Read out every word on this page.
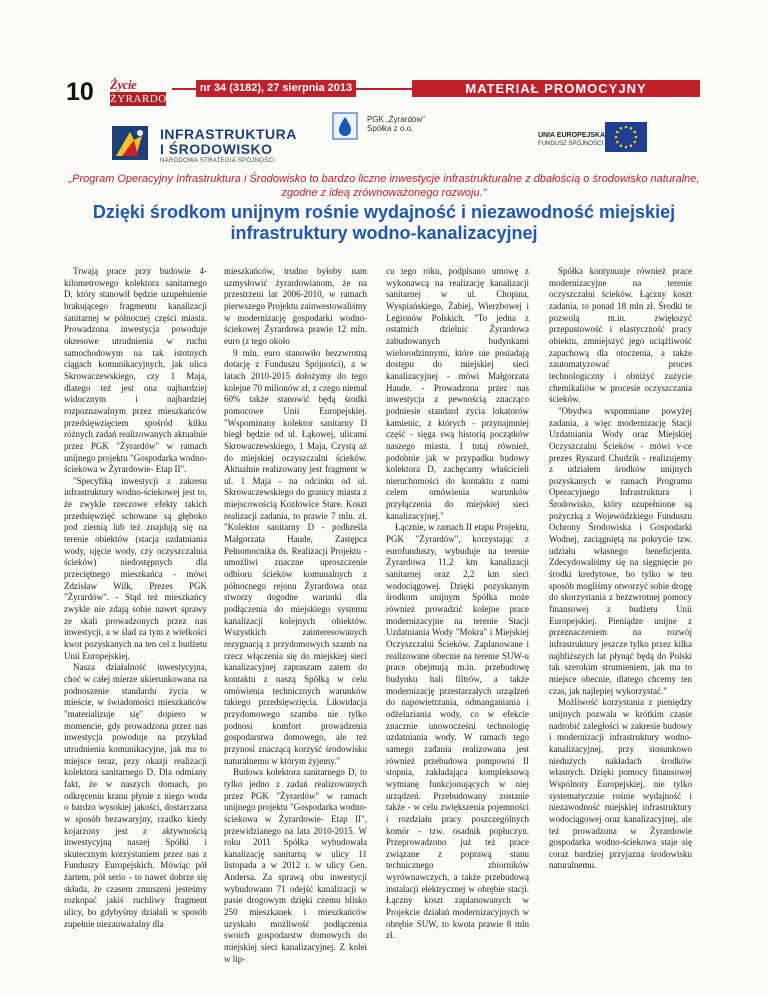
10 Życie
ŻYRARDOWA
nr 34 (3182), 27 sierpnia 2013	MATERIAŁ PROMOCYJNY
INFRASTRUKTURA
I ŚRODOWISKO
NARODOWA STRATEGIA SPÓJNOŚCI
PGK „Żyrardów"
Spółka z o.o.
UNIA EUROPEJSKA
FUNDUSZ SPÓJNOŚCI
„Program Operacyjny Infrastruktura i Środowisko to bardzo liczne inwestycje infrastrukturalne z dbałością o środowisko naturalne, zgodne z ideą zrównoważonego rozwoju."
Dzięki środkom unijnym rośnie wydajność i niezawodność miejskiej infrastruktury wodno-kanalizacyjnej

Trwają prace przy budowie 4-kilometrowego kolektora sanitarnego D, który stanowił będzie uzupełnienie brakującego fragmentu kanalizacji sanitarnej w północnej części miasta. Prowadzona inwestycja powoduje okresowe utrudnienia w ruchu samochodowym na tak istotnych ciągach komunikacyjnych, jak ulica Skrowaczewskiego, czy 1 Maja, dlatego też jest ona najbardziej widocznym i najbardziej rozpoznawalnym przez mieszkańców przedsięwzięciem spośród kilku różnych zadań realizowanych aktualnie przez PGK "Żyrardów" w ramach unijnego projektu "Gospodarka wodno-ściekowa w Żyrardowie- Etap II".

"Specyfiką inwestycji z zakresu infrastruktury wodno-ściekowej jest to, że zwykle rzeczowe efekty takich przedsięwzięć schowane są głęboko pod ziemią lub też znajdują się na terenie obiektów (stacja uzdatniania wody, ujęcie wody, czy oczyszczalnia ścieków) niedostępnych dla przeciętnego mieszkańca - mówi Zdzisław Wilk, Prezes PGK "Żyrardów". - Stąd też mieszkańcy zwykle nie zdają sobie nawet sprawy ze skali prowadzonych przez nas inwestycji, a w ślad za tym z wielkości kwot pozyskanych na ten cel z budżetu Unii Europejskiej.

Nasza działalność inwestycyjna, choć w całej mierze ukierunkowana na podnoszenie standardu życia w mieście, w świadomości mieszkańców "materializuje się" dopiero w momencie, gdy prowadzona przez nas inwestycja powoduje na przykład utrudnienia komunikacyjne, jak ma to miejsce teraz, przy okazji realizacji kolektora sanitarnego D. Dla odmiany fakt, że w naszych domach, po odkręceniu kranu płynie z niego woda o bardzo wysokiej jakości, dostarczana w sposób bezawaryjny, rzadko kiedy kojarzony jest z aktywnością inwestycyjną naszej Spółki i skutecznym korzystaniem przez nas z Funduszy Europejskich. Mówiąc pół żartem, pół serio - to nawet dobrze się składa, że czasem zmuszeni jesteśmy rozkopać jakiś ruchliwy fragment ulicy, bo gdybyśmy działali w sposób zupełnie niezauważalny dla

mieszkańców, trudno byłoby nam uzmysłowić żyrardowianom, że na przestrzeni lat 2006-2010, w ramach pierwszego Projektu zainwestowaliśmy w modernizację gospodarki wodno-ściekowej Żyrardowa prawie 12 mln. euro (z tego około

9 mln. euro stanowiło bezzwrotną dotację z Funduszu Spójności), a w latach 2010-2015 dołożymy do tego kolejne 70 milionów zł, z czego niemal 60% także stanowić będą środki pomocowe Unii Europejskiej. "Wspominany kolektor sanitarny D biegł będzie od ul. Łąkowej, ulicami Skrowaczewskiego, 1 Maja, Czystą aż do miejskiej oczyszczalni ścieków. Aktualnie realizowany jest fragment w ul. 1 Maja - na odcinku od ul. Skrowaczewskiego do granicy miasta z miejscowością Kozłowice Stare. Koszt realizacji zadania, to prawie 7 mln. zł. "Kolektor sanitarny D - podkreśla Małgorzata Haude, Zastępca Pełnomocnika ds. Realizacji Projektu - umożliwi znaczne uproszczenie odbioru ścieków komunalnych z północnego rejonu Żyrardowa oraz stworzy dogodne warunki dla podłączenia do miejskiego systemu kanalizacji kolejnych obiektów. Wszystkich zainteresowanych rezygnacją z przydomowych szamb na rzecz włączenia się do miejskiej sieci kanalizacyjnej zapraszam zatem do kontaktu z naszą Spółką w celu omówienia technicznych warunków takiego przedsięwzięcia. Likwidacja przydomowego szamba nie tylko podnosi komfort prowadzenia gospodarstwa domowego, ale też przynosi znaczącą korzyść środowisku naturalnemu w którym żyjemy."

Budowa kolektora sanitarnego D, to tylko jedno z zadań realizowanych przez PGK "Żyrardów" w ramach unijnego projektu "Gospodarka wodno-ściekowa w Żyrardowie- Etap II", przewidzianego na lata 2010-2015. W roku 2011 Spółka wybudowała kanalizację sanitarną w ulicy 11 listopada a w 2012 r. w ulicy Gen. Andersa. Za sprawą obu inwestycji wybudowano 71 odejść kanalizacji w pasie drogowym dzięki czemu blisko 250 mieszkanek i mieszkańców uzyskało możliwość podłączenia swoich gospodarstw domowych do miejskiej sieci kanalizacyjnej. Z kolei w lip-

cu tego roku, podpisano umowę z wykonawcą na realizację kanalizacji sanitarnej w ul. Chopina, Wyspiańskiego, Żabiej, Wierzbowej i Legionów Polskich. "To jedna z ostatnich dzielnic Żyrardowa zabudowanych budynkami wielorodzinnymi, które nie posiadają dostępu do miejskiej sieci kanalizacyjnej - mówi Małgorzata Haude. - Prowadzona przez nas inwestycja z pewnością znacząco podniesie standard życia lokatorów kamienic, z których - przynajmniej część - sięga swą historią początków naszego miasta. I tutaj również, podobnie jak w przypadku budowy kolektora D, zachęcamy właścicieli nieruchomości do kontaktu z nami celem omówienia warunków przyłączenia do miejskiej sieci kanalizacyjnej."

Łącznie, w ramach II etapu Projektu, PGK "Żyrardów", korzystając z eurofunduszy, wybuduje na terenie Żyrardowa 11,2 km kanalizacji sanitarnej oraz 2,2 km sieci wodociągowej. Dzięki pozyskanym środkom unijnym Spółka może również prowadzić kolejne prace modernizacyjne na terenie Stacji Uzdatniania Wody "Mokra" i Miejskiej Oczyszczalni Ścieków. Zaplanowane i realizowane obecnie na terenie SUW-u prace obejmują m.in. przebudowę budynku hali filtrów, a także modernizację przestarzałych urządzeń do napowietrzania, odmanganiania i odżelaziania wody, co w efekcie znacznie unowocześni technologię uzdatniania wody. W ramach tego samego zadania realizowana jest również przebudowa pompowni II stopnia, zakładająca kompleksową wymianę funkcjonujących w niej urządzeń. Przebudowany zostanie także - w celu zwiększenia pojemności i rozdziału pracy poszczególnych komór - tzw. osadnik popłuczyn. Przeprowadzono już też prace związane z poprawą stanu technicznego zbiorników wyrównawczych, a także przebudową instalacji elektrycznej w obrębie stacji. Łączny koszt zaplanowanych w Projekcie działań modernizacyjnych w obrębie SUW, to kwota prawie 8 mln zł.

Spółka kontynuuje również prace modernizacyjne na terenie oczyszczalni ścieków. Łączny koszt zadania, to ponad 18 mln zł. Środki te pozwolą m.in. zwiększyć przepustowość i elastyczność pracy obiektu, zmniejszyć jego uciążliwość zapachową dla otoczenia, a także zautomatyzować proces technologiczny i obniżyć zużycie chemikaliów w procesie oczyszczania ścieków.

"Obydwa wspomniane powyżej zadania, a więc modernizację Stacji Uzdatniania Wody oraz Miejskiej Oczyszczalni Ścieków - mówi v-ce prezes Ryszard Chudzik - realizujemy z udziałem środków unijnych pozyskanych w ramach Programu Operacyjnego Infrastruktura i Środowisko, który uzupełnione są pożyczką z Wojewódzkiego Funduszu Ochrony Środowiska i Gospodarki Wodnej, zaciągniętą na pokrycie tzw. udziału własnego beneficjenta. Zdecydowaliśmy się na sięgnięcie po środki kredytowe, bo tylko w ten sposób mogliśmy otworzyć sobie drogę do skorzystania z bezzwrotnej pomocy finansowej z budżetu Unii Europejskiej. Pieniądze unijne z przeznaczeniem na rozwój infrastruktury jeszcze tylko przez kilka najbliższych lat płynąć będą do Polski tak szerokim strumieniem, jak ma to miejsce obecnie, dlatego chcemy ten czas, jak najlepiej wykorzystać."

Możliwość korzystania z pieniędzy unijnych pozwala w krótkim czasie nadrobić zaległości w zakresie budowy i modernizacji infrastruktury wodno-kanalizacyjnej, przy stosunkowo niedużych nakładach środków własnych. Dzięki pomocy finansowej Wspólnoty Europejskiej, nie tylko systematycznie rośnie wydajność i niezawodność miejskiej infrastruktury wodociągowej oraz kanalizacyjnej, ale też prowadzona w Żyrardowie gospodarka wodno-ściekowa staje się coraz bardziej przyjazna środowisku naturalnemu.
